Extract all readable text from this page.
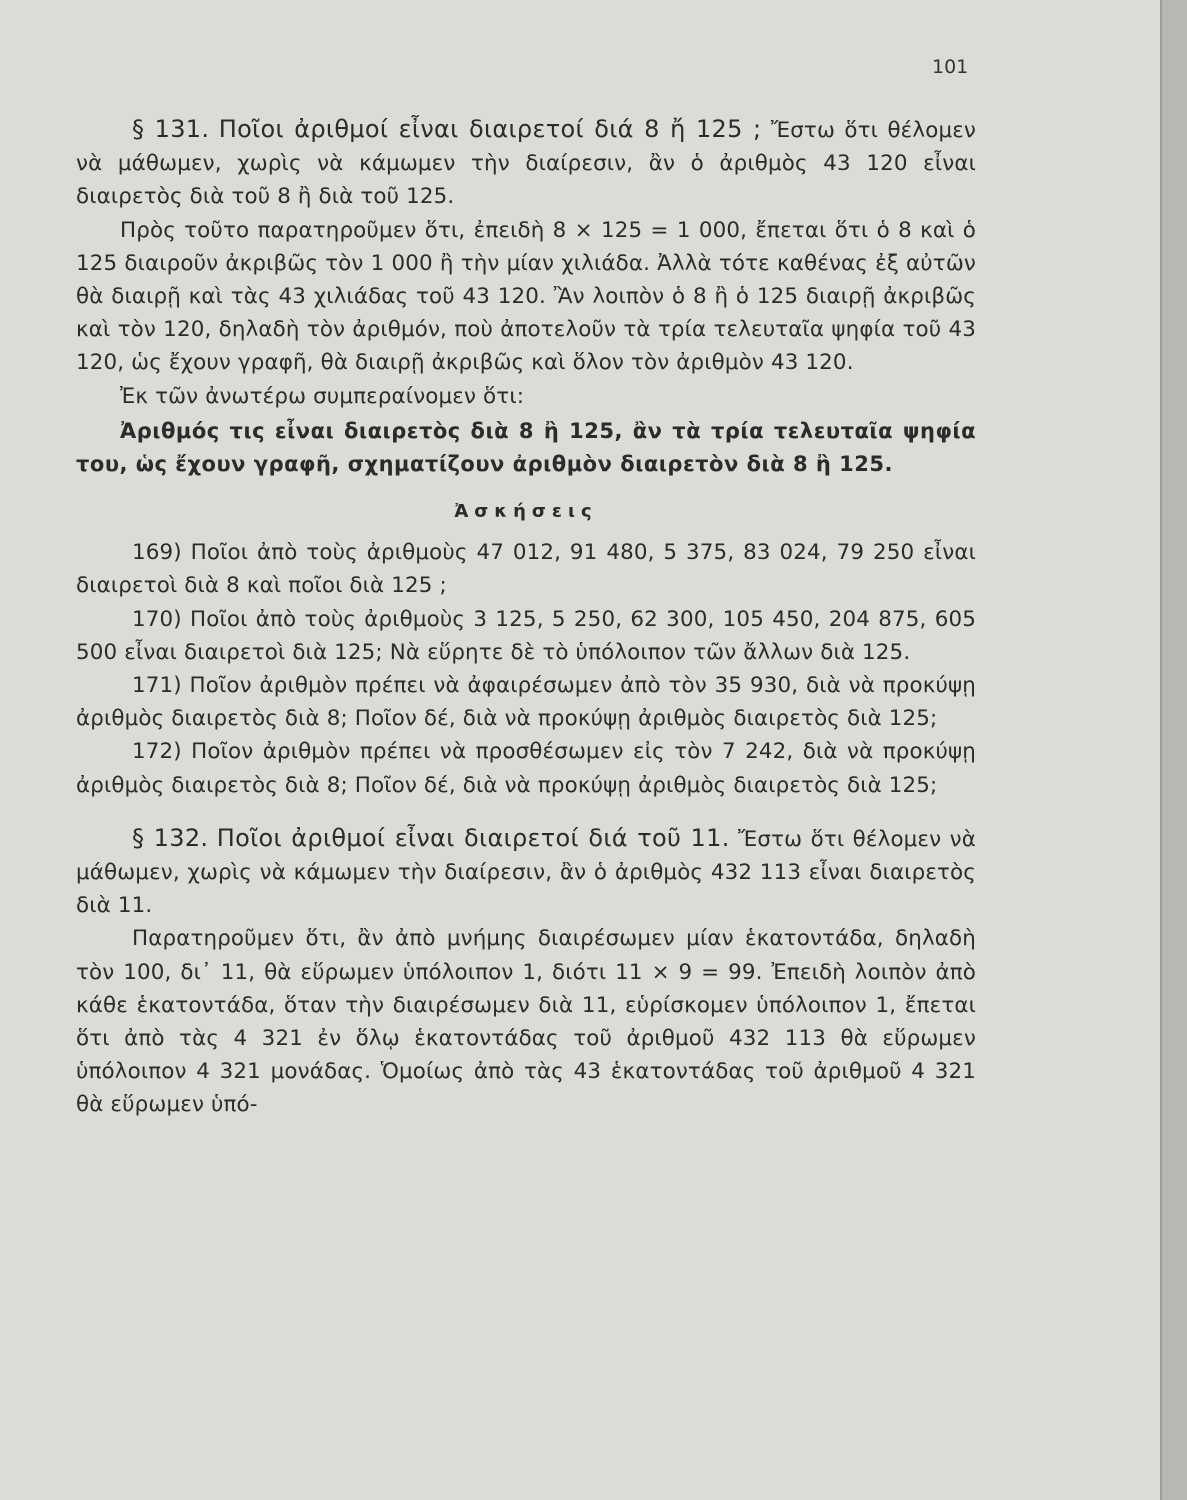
101

§ 131. Ποῖοι ἀριθμοί εἶναι διαιρετοί διά 8 ἤ 125 ; Ἔστω ὅτι θέλομεν νὰ μάθωμεν, χωρὶς νὰ κάμωμεν τὴν διαίρεσιν, ἂν ὁ ἀριθμὸς 43 120 εἶναι διαιρετὸς διὰ τοῦ 8 ἢ διὰ τοῦ 125.

Πρὸς τοῦτο παρατηροῦμεν ὅτι, ἐπειδὴ 8 × 125 = 1 000, ἔπεται ὅτι ὁ 8 καὶ ὁ 125 διαιροῦν ἀκριβῶς τὸν 1 000 ἢ τὴν μίαν χιλιάδα. Ἀλλὰ τότε καθένας ἐξ αὐτῶν θὰ διαιρῇ καὶ τὰς 43 χιλιάδας τοῦ 43 120. Ἂν λοιπὸν ὁ 8 ἢ ὁ 125 διαιρῇ ἀκριβῶς καὶ τὸν 120, δηλαδὴ τὸν ἀριθμόν, ποὺ ἀποτελοῦν τὰ τρία τελευταῖα ψηφία τοῦ 43 120, ὡς ἔχουν γραφῆ, θὰ διαιρῇ ἀκριβῶς καὶ ὅλον τὸν ἀριθμὸν 43 120.

Ἐκ τῶν ἀνωτέρω συμπεραίνομεν ὅτι:

Ἀριθμός τις εἶναι διαιρετὸς διὰ 8 ἢ 125, ἂν τὰ τρία τελευταῖα ψηφία του, ὡς ἔχουν γραφῆ, σχηματίζουν ἀριθμὸν διαιρετὸν διὰ 8 ἢ 125.

Ἀσκήσεις

169) Ποῖοι ἀπὸ τοὺς ἀριθμοὺς 47 012, 91 480, 5 375, 83 024, 79 250 εἶναι διαιρετοὶ διὰ 8 καὶ ποῖοι διὰ 125 ;

170) Ποῖοι ἀπὸ τοὺς ἀριθμοὺς 3 125, 5 250, 62 300, 105 450, 204 875, 605 500 εἶναι διαιρετοὶ διὰ 125; Νὰ εὕρητε δὲ τὸ ὑπόλοιπον τῶν ἄλλων διὰ 125.

171) Ποῖον ἀριθμὸν πρέπει νὰ ἀφαιρέσωμεν ἀπὸ τὸν 35 930, διὰ νὰ προκύψῃ ἀριθμὸς διαιρετὸς διὰ 8; Ποῖον δέ, διὰ νὰ προκύψῃ ἀριθμὸς διαιρετὸς διὰ 125;

172) Ποῖον ἀριθμὸν πρέπει νὰ προσθέσωμεν εἰς τὸν 7 242, διὰ νὰ προκύψῃ ἀριθμὸς διαιρετὸς διὰ 8; Ποῖον δέ, διὰ νὰ προκύψῃ ἀριθμὸς διαιρετὸς διὰ 125;

§ 132. Ποῖοι ἀριθμοί εἶναι διαιρετοί διά τοῦ 11. Ἔστω ὅτι θέλομεν νὰ μάθωμεν, χωρὶς νὰ κάμωμεν τὴν διαίρεσιν, ἂν ὁ ἀριθμὸς 432 113 εἶναι διαιρετὸς διὰ 11.

Παρατηροῦμεν ὅτι, ἂν ἀπὸ μνήμης διαιρέσωμεν μίαν ἑκατοντάδα, δηλαδὴ τὸν 100, δι᾿ 11, θὰ εὕρωμεν ὑπόλοιπον 1, διότι 11 × 9 = 99. Ἐπειδὴ λοιπὸν ἀπὸ κάθε ἑκατοντάδα, ὅταν τὴν διαιρέσωμεν διὰ 11, εὑρίσκομεν ὑπόλοιπον 1, ἔπεται ὅτι ἀπὸ τὰς 4 321 ἐν ὅλῳ ἑκατοντάδας τοῦ ἀριθμοῦ 432 113 θὰ εὕρωμεν ὑπόλοιπον 4 321 μονάδας. Ὁμοίως ἀπὸ τὰς 43 ἑκατοντάδας τοῦ ἀριθμοῦ 4 321 θὰ εὕρωμεν ὑπό-
